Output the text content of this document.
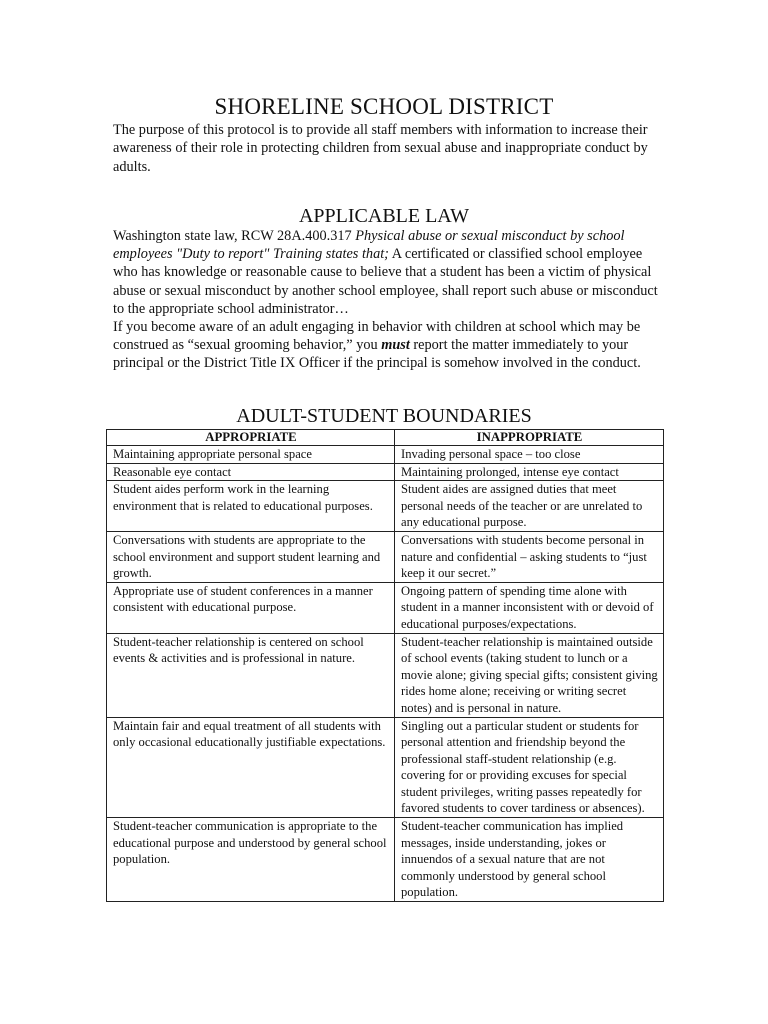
SHORELINE SCHOOL DISTRICT
The purpose of this protocol is to provide all staff members with information to increase their awareness of their role in protecting children from sexual abuse and inappropriate conduct by adults.
APPLICABLE LAW

Washington state law, RCW 28A.400.317 Physical abuse or sexual misconduct by school employees "Duty to report" Training states that; A certificated or classified school employee who has knowledge or reasonable cause to believe that a student has been a victim of physical abuse or sexual misconduct by another school employee, shall report such abuse or misconduct to the appropriate school administrator…

If you become aware of an adult engaging in behavior with children at school which may be construed as “sexual grooming behavior,” you must report the matter immediately to your principal or the District Title IX Officer if the principal is somehow involved in the conduct.

ADULT-STUDENT BOUNDARIES
APPROPRIATE	INAPPROPRIATE
Maintaining appropriate personal space	Invading personal space – too close
Reasonable eye contact	Maintaining prolonged, intense eye contact
Student aides perform work in the learning environment that is related to educational purposes.	Student aides are assigned duties that meet personal needs of the teacher or are unrelated to any educational purpose.
Conversations with students are appropriate to the school environment and support student learning and growth.	Conversations with students become personal in nature and confidential – asking students to “just keep it our secret.”
Appropriate use of student conferences in a manner consistent with educational purpose.	Ongoing pattern of spending time alone with student in a manner inconsistent with or devoid of educational purposes/expectations.
Student-teacher relationship is centered on school events & activities and is professional in nature.	Student-teacher relationship is maintained outside of school events (taking student to lunch or a movie alone; giving special gifts; consistent giving rides home alone; receiving or writing secret notes) and is personal in nature.
Maintain fair and equal treatment of all students with only occasional educationally justifiable expectations.	Singling out a particular student or students for personal attention and friendship beyond the professional staff-student relationship (e.g. covering for or providing excuses for special student privileges, writing passes repeatedly for favored students to cover tardiness or absences).
Student-teacher communication is appropriate to the educational purpose and understood by general school population.	Student-teacher communication has implied messages, inside understanding, jokes or innuendos of a sexual nature that are not commonly understood by general school population.
